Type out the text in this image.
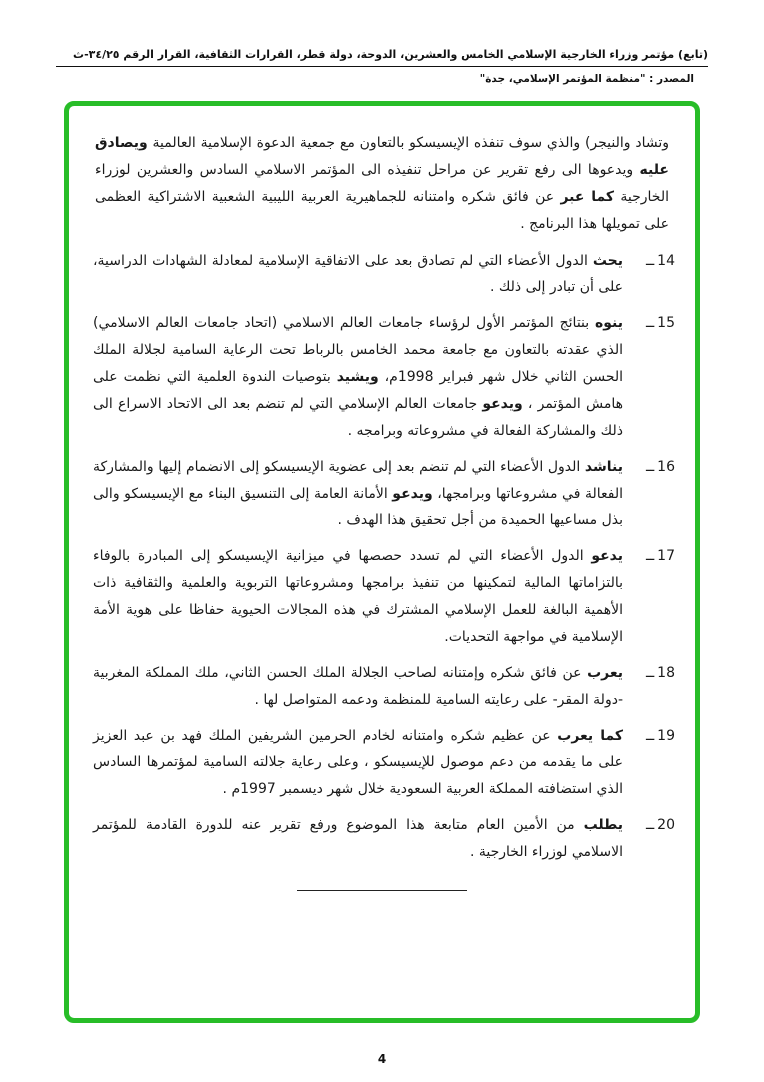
(تابع) مؤتمر وزراء الخارجية الإسلامي الخامس والعشرين، الدوحة، دولة قطر، القرارات الثقافية، القرار الرقم ٣٤/٢٥-ث
المصدر : "منظمة المؤتمر الإسلامي، جدة"
وتشاد والنيجر) والذي سوف تنفذه الإيسيسكو بالتعاون مع جمعية الدعوة الإسلامية العالمية ويصادق عليه ويدعوها الى رفع تقرير عن مراحل تنفيذه الى المؤتمر الاسلامي السادس والعشرين لوزراء الخارجية كما عبر عن فائق شكره وامتنانه للجماهيرية العربية الليبية الشعبية الاشتراكية العظمى على تمويلها هذا البرنامج .
14ــ
يحث الدول الأعضاء التي لم تصادق بعد على الاتفاقية الإسلامية لمعادلة الشهادات الدراسية، على أن تبادر إلى ذلك .
15ــ
ينوه بنتائج المؤتمر الأول لرؤساء جامعات العالم الاسلامي (اتحاد جامعات العالم الاسلامي) الذي عقدته بالتعاون مع جامعة محمد الخامس بالرباط تحت الرعاية السامية لجلالة الملك الحسن الثاني خلال شهر فبراير 1998م، ويشيد بتوصيات الندوة العلمية التي نظمت على هامش المؤتمر ، ويدعو جامعات العالم الإسلامي التي لم تنضم بعد الى الاتحاد الاسراع الى ذلك والمشاركة الفعالة في مشروعاته وبرامجه .
16ــ
يناشد الدول الأعضاء التي لم تنضم بعد إلى عضوية الإيسيسكو إلى الانضمام إليها والمشاركة الفعالة في مشروعاتها وبرامجها، ويدعو الأمانة العامة إلى التنسيق البناء مع الإيسيسكو والى بذل مساعيها الحميدة من أجل تحقيق هذا الهدف .
17ــ
يدعو الدول الأعضاء التي لم تسدد حصصها في ميزانية الإيسيسكو إلى المبادرة بالوفاء بالتزاماتها المالية لتمكينها من تنفيذ برامجها ومشروعاتها التربوية والعلمية والثقافية ذات الأهمية البالغة للعمل الإسلامي المشترك في هذه المجالات الحيوية حفاظا على هوية الأمة الإسلامية في مواجهة التحديات.
18ــ
يعرب عن فائق شكره وإمتنانه لصاحب الجلالة الملك الحسن الثاني، ملك المملكة المغربية -دولة المقر- على رعايته السامية للمنظمة ودعمه المتواصل لها .
19ــ
كما يعرب عن عظيم شكره وامتنانه لخادم الحرمين الشريفين الملك فهد بن عبد العزيز على ما يقدمه من دعم موصول للإيسيسكو ، وعلى رعاية جلالته السامية لمؤتمرها السادس الذي استضافته المملكة العربية السعودية خلال شهر ديسمبر 1997م .
20ــ
يطلب من الأمين العام متابعة هذا الموضوع ورفع تقرير عنه للدورة القادمة للمؤتمر الاسلامي لوزراء الخارجية .
4
